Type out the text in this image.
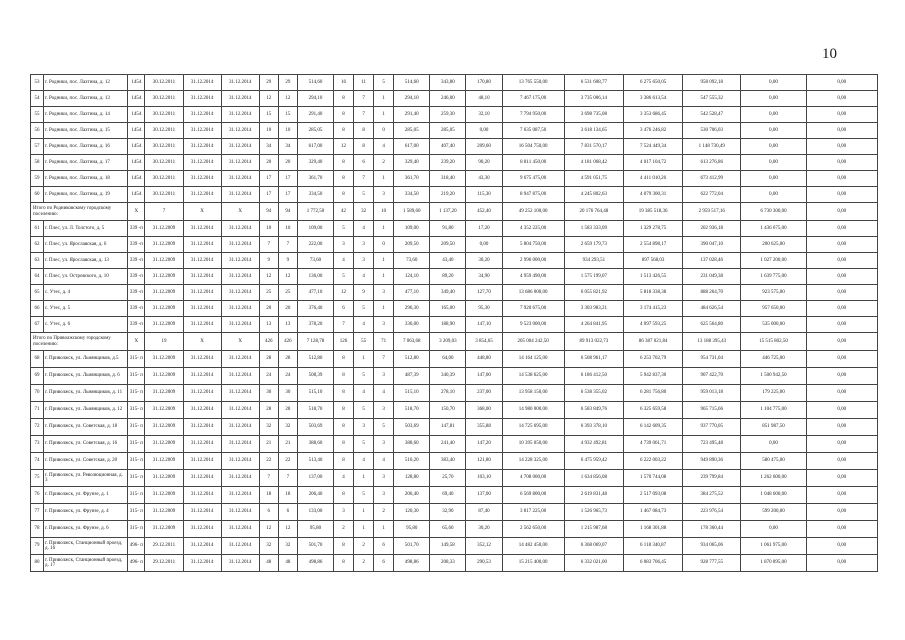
10
53	г. Родники, пос. Лахтина, д. 12	1454	30.12.2011	31.12.2014	31.12.2014	29	29	514,60	16	11	5	514,60	343,80	170,80	13 765 550,00	6 531 608,77	6 275 650,05	958 092,18	0,00	0,00
54	г. Родники, пос. Лахтина, д. 13	1454	30.12.2011	31.12.2014	31.12.2014	12	12	294,10	8	7	1	294,10	246,00	48,10	7 467 175,00	3 735 006,14	3 386 613,54	547 555,32	0,00	0,00
55	г. Родники, пос. Лахтина, д. 14	1454	30.12.2011	31.12.2014	31.12.2014	15	15	291,40	8	7	1	291,40	259,30	32,10	7 794 950,00	3 698 735,08	3 353 686,45	542 528,47	0,00	0,00
56	г. Родники, пос. Лахтина, д. 15	1454	30.12.2011	31.12.2014	31.12.2014	10	10	285,05	8	8	0	285,05	285,05	0,00	7 635 087,50	3 618 134,65	3 476 246,82	530 706,03	0,00	0,00
57	г. Родники, пос. Лахтина, д. 16	1454	30.12.2011	31.12.2014	31.12.2014	34	34	617,00	12	8	4	617,00	407,40	209,60	16 504 750,00	7 831 570,17	7 524 449,34	1 148 730,49	0,00	0,00
58	г. Родники, пос. Лахтина, д. 17	1454	30.12.2011	31.12.2014	31.12.2014	20	20	329,40	8	6	2	329,40	239,20	90,20	8 811 450,00	4 181 068,42	4 017 104,72	613 276,86	0,00	0,00
59	г. Родники, пос. Лахтина, д. 18	1454	30.12.2011	31.12.2014	31.12.2014	17	17	361,70	8	7	1	361,70	318,40	43,30	9 675 475,00	4 591 051,75	4 411 010,26	673 412,99	0,00	0,00
60	г. Родники, пос. Лахтина, д. 19	1454	30.12.2011	31.12.2014	31.12.2014	17	17	334,50	8	5	3	334,50	219,20	115,30	8 947 875,00	4 245 802,63	4 079 300,31	622 772,04	0,00	0,00
Итого по Родниковскому городскому поселению:		X	7	X	X	94	94	1 772,50	42	32	10	1 589,60	1 137,20	452,40	49 252 100,00	20 176 764,48	19 385 518,36	2 959 517,16	6 730 300,00	0,00
61	г. Плес, ул. Л. Толстого, д. 5	339 -п	31.12.2009	31.12.2014	31.12.2014	10	10	109,00	5	4	1	109,00	91,80	17,20	4 352 225,00	1 583 333,09	1 329 278,75	202 936,18	1 436 675,00	0,00
62	г. Плес, ул. Ярославская, д. 6	339 -п	31.12.2009	31.12.2014	31.12.2014	7	7	222,00	3	3	0	209,50	209,50	0,00	5 804 750,00	2 659 179,73	2 554 898,17	390 047,10	200 625,00	0,00
63	г. Плес, ул. Ярославская, д. 13	339 -п	31.12.2009	31.12.2014	31.12.2014	9	9	73,60	4	3	1	73,60	43,40	30,20	2 996 000,00	934 293,51	897 568,03	137 028,46	1 027 200,00	0,00
64	г. Плес, ул. Островского, д. 10	339 -п	31.12.2009	31.12.2014	31.12.2014	12	12	136,00	5	4	1	124,10	89,20	34,90	4 959 490,00	1 575 199,07	1 513 426,55	231 049,38	1 639 775,00	0,00
65	с. Утес, д. 4	339 -п	31.12.2009	31.12.2014	31.12.2014	25	25	477,10	12	9	3	477,10	349,40	127,70	13 686 000,00	6 055 821,92	5 818 338,38	888 264,70	923 575,00	0,00
66	с. Утес, д. 5	339 -п	31.12.2009	31.12.2014	31.12.2014	20	20	376,40	6	5	1	296,30	165,00	95,30	7 920 675,00	3 303 983,21	3 174 415,23	484 626,54	957 650,00	0,00
67	с. Утес, д. 6	339 -п	31.12.2009	31.12.2014	31.12.2014	13	13	378,20	7	4	3	336,00	188,90	147,10	9 523 000,00	4 264 841,95	4 097 593,25	625 564,80	535 000,00	0,00
Итого по Приволжскому городскому поселению:		X	19	X	X	426	426	7 128,78	126	55	71	7 063,68	3 209,03	3 854,65	205 004 242,50	89 913 022,73	86 387 021,84	13 188 395,43	15 515 802,50	0,00
68	г. Приволжск, ул. Льнянщиков, д.5	315- п	31.12.2009	31.12.2014	31.12.2014	28	28	512,80	8	1	7	512,80	64,00	448,80	14 164 125,00	6 508 961,17	6 253 702,79	954 731,04	446 725,00	0,00
69	г. Приволжск, ул. Льнянщиков, д. 6	315- п	31.12.2009	31.12.2014	31.12.2014	24	24	508,39	8	5	3	487,39	340,39	147,00	14 538 625,00	6 186 412,50	5 942 837,30	907 422,70	1 500 942,50	0,00
70	г. Приволжск, ул. Льнянщиков, д. 11	315- п	31.12.2009	31.12.2014	31.12.2014	30	30	515,10	8	4	4	515,10	278,10	237,00	13 958 150,00	6 538 355,02	6 281 756,80	959 013,18	179 225,00	0,00
71	г. Приволжск, ул. Льнянщиков, д. 12	315- п	31.12.2009	31.12.2014	31.12.2014	28	28	518,70	8	5	3	518,70	150,70	368,00	14 980 000,00	6 583 849,76	6 325 659,58	965 715,66	1 104 775,00	0,00
72	г. Приволжск, ул. Советская, д. 18	315- п	31.12.2009	31.12.2014	31.12.2014	32	32	503,69	8	3	5	503,69	147,81	355,88	14 725 695,00	6 393 378,10	6 142 609,35	937 770,05	851 987,50	0,00
73	г. Приволжск, ул. Советская, д. 16	315- п	31.12.2009	31.12.2014	31.12.2014	21	21	388,60	8	5	3	388,60	241,40	147,20	10 395 050,00	4 932 492,81	4 739 061,71	723 495,48	0,00	0,00
74	г. Приволжск, ул. Советская, д. 20	315- п	31.12.2009	31.12.2014	31.12.2014	22	22	513,40	8	4	4	510,20	383,40	121,80	14 228 325,00	6 475 959,42	6 222 003,22	949 890,36	580 475,00	0,00
75	г. Приволжск, ул. Революционная, д. 3	315- п	31.12.2009	31.12.2014	31.12.2014	7	7	137,00	4	1	3	128,80	25,70	103,10	4 708 000,00	1 634 856,08	1 570 744,08	239 799,84	1 262 600,00	0,00
76	г. Приволжск, ул. Фрунзе, д. 1	315- п	31.12.2009	31.12.2014	31.12.2014	18	18	206,40	8	5	3	206,40	69,40	137,00	6 569 800,00	2 619 831,48	2 517 093,08	384 275,52	1 048 600,00	0,00
77	г. Приволжск, ул. Фрунзе, д. 4	315- п	31.12.2009	31.12.2014	31.12.2014	6	6	133,00	3	1	2	120,30	32,90	87,40	3 817 225,00	1 526 965,73	1 467 084,73	223 976,54	599 200,00	0,00
78	г. Приволжск, ул. Фрунзе, д. 6	315- п	31.12.2009	31.12.2014	31.12.2014	12	12	95,80	2	1	1	95,80	65,60	30,20	2 562 650,00	1 215 987,68	1 168 301,88	178 360,44	0,00	0,00
79	г. Приволжск, Станционный проезд, д. 16	496- п	29.12.2011	31.12.2014	31.12.2014	32	32	501,70	8	2	6	501,70	149,58	352,12	14 482 450,00	6 368 069,07	6 118 340,87	934 065,06	1 061 975,00	0,00
80	г. Приволжск, Станционный проезд, д. 17	496- п	29.12.2011	31.12.2014	31.12.2014	48	48	498,86	8	2	6	498,86	208,33	290,53	15 215 400,00	6 332 021,00	6 083 706,45	928 777,55	1 870 895,00	0,00
